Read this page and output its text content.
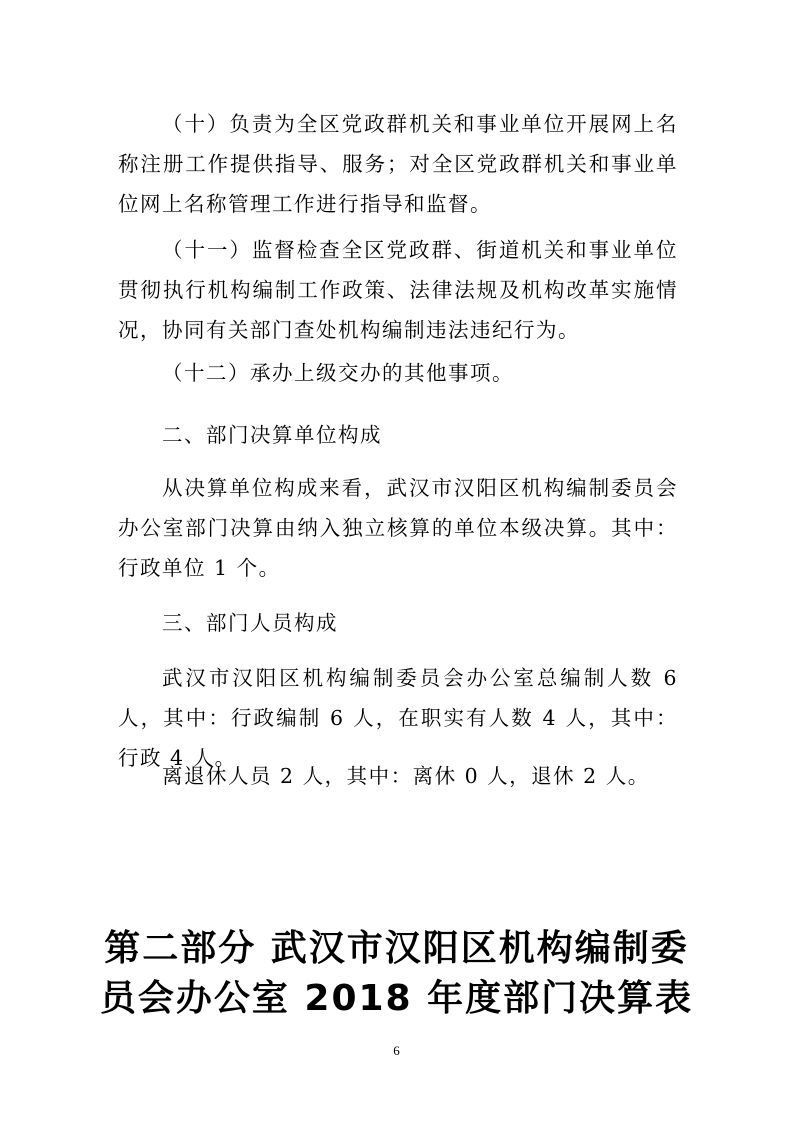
（十）负责为全区党政群机关和事业单位开展网上名称注册工作提供指导、服务；对全区党政群机关和事业单位网上名称管理工作进行指导和监督。

（十一）监督检查全区党政群、街道机关和事业单位贯彻执行机构编制工作政策、法律法规及机构改革实施情况，协同有关部门查处机构编制违法违纪行为。

（十二）承办上级交办的其他事项。

二、部门决算单位构成

从决算单位构成来看，武汉市汉阳区机构编制委员会办公室部门决算由纳入独立核算的单位本级决算。其中：行政单位 1 个。

三、部门人员构成

武汉市汉阳区机构编制委员会办公室总编制人数 6 人，其中：行政编制 6 人，在职实有人数 4 人，其中：行政 4 人。

离退休人员 2 人，其中：离休 0 人，退休 2 人。

第二部分 武汉市汉阳区机构编制委
员会办公室 2018 年度部门决算表
6
